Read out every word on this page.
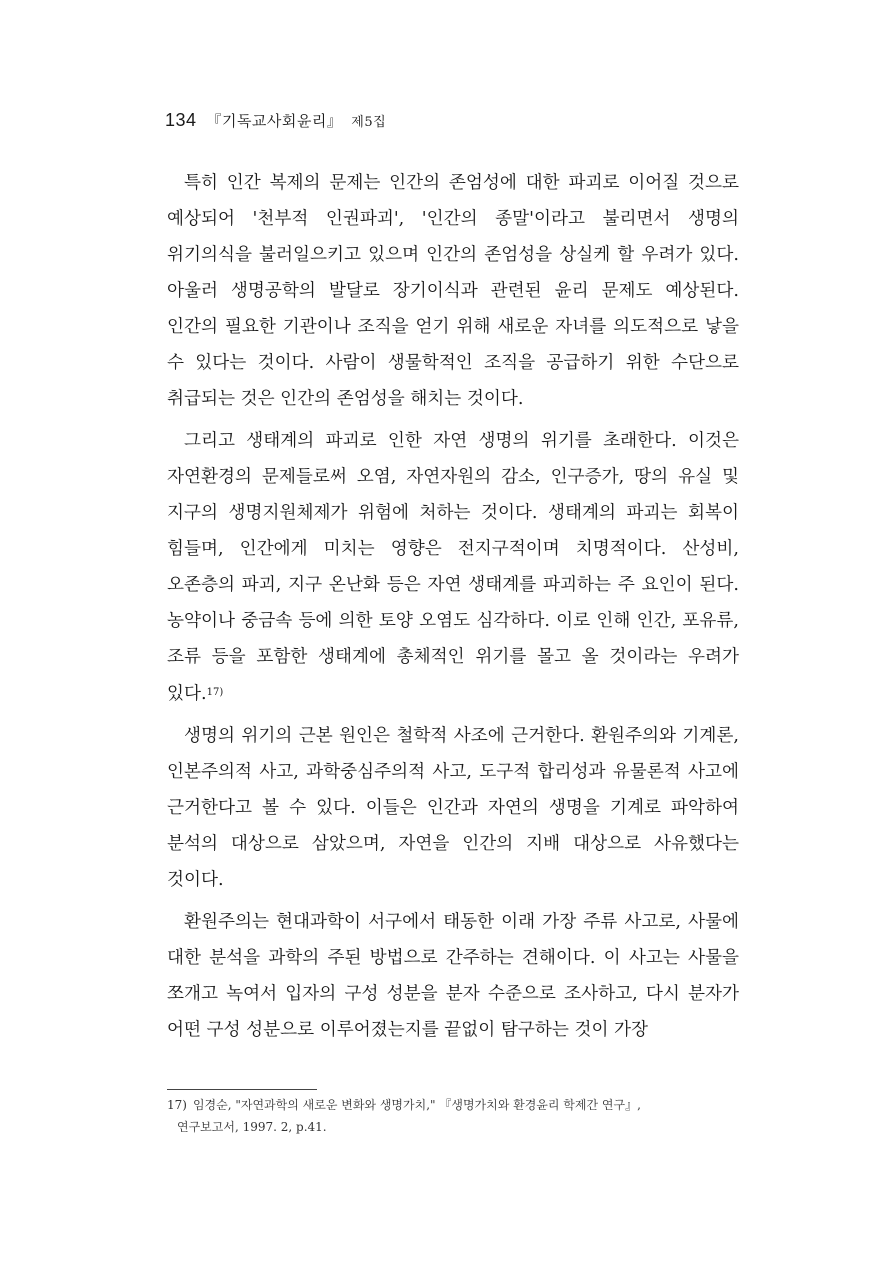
134 『기독교사회윤리』 제5집

특히 인간 복제의 문제는 인간의 존엄성에 대한 파괴로 이어질 것으로 예상되어 '천부적 인권파괴', '인간의 종말'이라고 불리면서 생명의 위기의식을 불러일으키고 있으며 인간의 존엄성을 상실케 할 우려가 있다. 아울러 생명공학의 발달로 장기이식과 관련된 윤리 문제도 예상된다. 인간의 필요한 기관이나 조직을 얻기 위해 새로운 자녀를 의도적으로 낳을 수 있다는 것이다. 사람이 생물학적인 조직을 공급하기 위한 수단으로 취급되는 것은 인간의 존엄성을 해치는 것이다.

그리고 생태계의 파괴로 인한 자연 생명의 위기를 초래한다. 이것은 자연환경의 문제들로써 오염, 자연자원의 감소, 인구증가, 땅의 유실 및 지구의 생명지원체제가 위험에 처하는 것이다. 생태계의 파괴는 회복이 힘들며, 인간에게 미치는 영향은 전지구적이며 치명적이다. 산성비, 오존층의 파괴, 지구 온난화 등은 자연 생태계를 파괴하는 주 요인이 된다. 농약이나 중금속 등에 의한 토양 오염도 심각하다. 이로 인해 인간, 포유류, 조류 등을 포함한 생태계에 총체적인 위기를 몰고 올 것이라는 우려가 있다.$^{17)}$

생명의 위기의 근본 원인은 철학적 사조에 근거한다. 환원주의와 기계론, 인본주의적 사고, 과학중심주의적 사고, 도구적 합리성과 유물론적 사고에 근거한다고 볼 수 있다. 이들은 인간과 자연의 생명을 기계로 파악하여 분석의 대상으로 삼았으며, 자연을 인간의 지배 대상으로 사유했다는 것이다.

환원주의는 현대과학이 서구에서 태동한 이래 가장 주류 사고로, 사물에 대한 분석을 과학의 주된 방법으로 간주하는 견해이다. 이 사고는 사물을 쪼개고 녹여서 입자의 구성 성분을 분자 수준으로 조사하고, 다시 분자가 어떤 구성 성분으로 이루어졌는지를 끝없이 탐구하는 것이 가장

17) 임경순, "자연과학의 새로운 변화와 생명가치," 『생명가치와 환경윤리 학제간 연구』,
연구보고서, 1997. 2, p.41.
